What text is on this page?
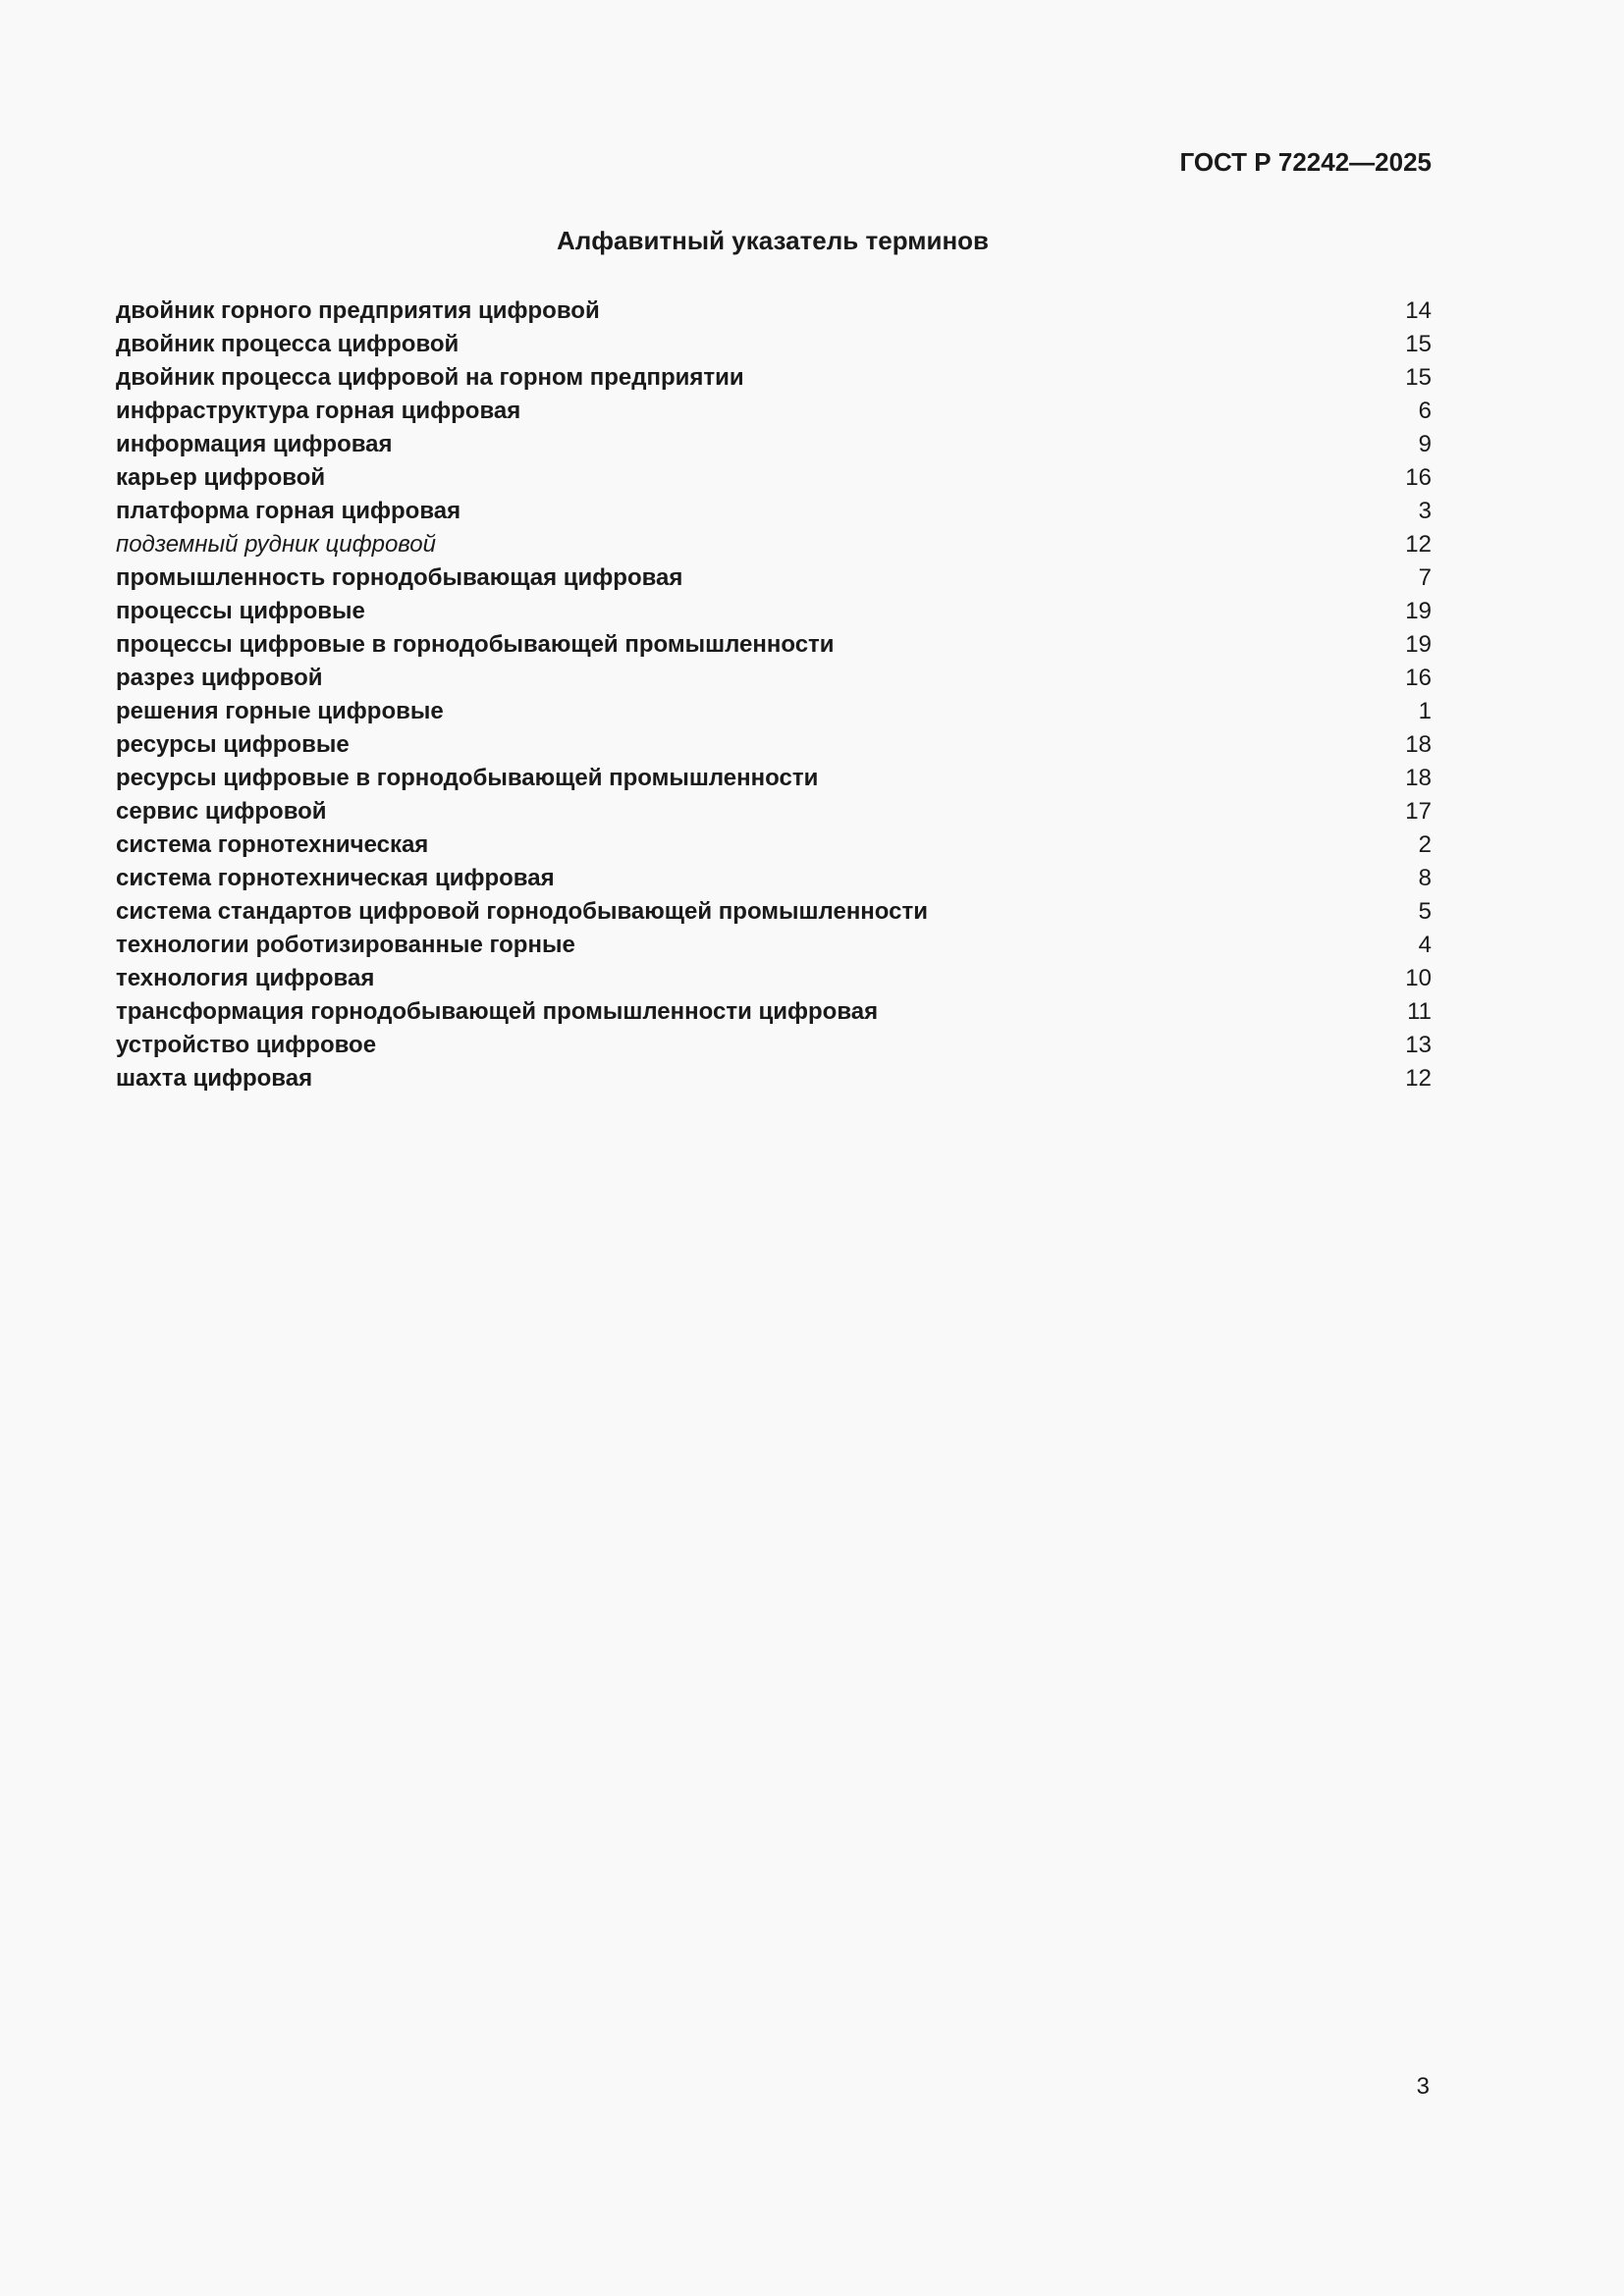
ГОСТ Р 72242—2025
Алфавитный указатель терминов
двойник горного предприятия цифровой	14
двойник процесса цифровой	15
двойник процесса цифровой на горном предприятии	15
инфраструктура горная цифровая	6
информация цифровая	9
карьер цифровой	16
платформа горная цифровая	3
подземный рудник цифровой	12
промышленность горнодобывающая цифровая	7
процессы цифровые	19
процессы цифровые в горнодобывающей промышленности	19
разрез цифровой	16
решения горные цифровые	1
ресурсы цифровые	18
ресурсы цифровые в горнодобывающей промышленности	18
сервис цифровой	17
система горнотехническая	2
система горнотехническая цифровая	8
система стандартов цифровой горнодобывающей промышленности	5
технологии роботизированные горные	4
технология цифровая	10
трансформация горнодобывающей промышленности цифровая	11
устройство цифровое	13
шахта цифровая	12

3
